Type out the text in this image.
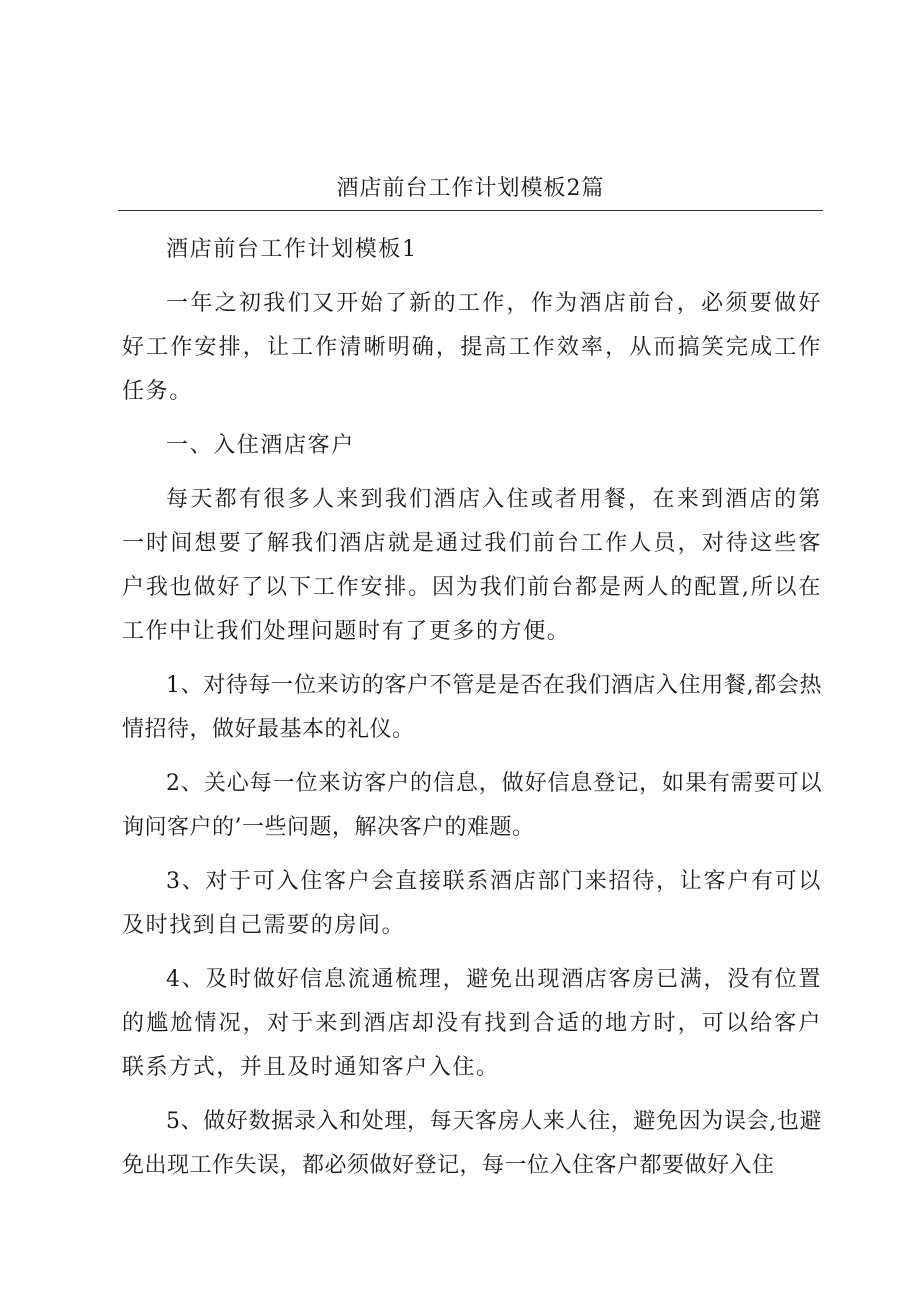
酒店前台工作计划模板2篇

酒店前台工作计划模板1

一年之初我们又开始了新的工作，作为酒店前台，必须要做好好工作安排，让工作清晰明确，提高工作效率，从而搞笑完成工作任务。

一、入住酒店客户

每天都有很多人来到我们酒店入住或者用餐，在来到酒店的第一时间想要了解我们酒店就是通过我们前台工作人员，对待这些客户我也做好了以下工作安排。因为我们前台都是两人的配置,所以在工作中让我们处理问题时有了更多的方便。

1、对待每一位来访的客户不管是是否在我们酒店入住用餐,都会热情招待，做好最基本的礼仪。

2、关心每一位来访客户的信息，做好信息登记，如果有需要可以询问客户的’一些问题，解决客户的难题。

3、对于可入住客户会直接联系酒店部门来招待，让客户有可以及时找到自己需要的房间。

4、及时做好信息流通梳理，避免出现酒店客房已满，没有位置的尴尬情况，对于来到酒店却没有找到合适的地方时，可以给客户联系方式，并且及时通知客户入住。

5、做好数据录入和处理，每天客房人来人往，避免因为误会,也避免出现工作失误，都必须做好登记，每一位入住客户都要做好入住
